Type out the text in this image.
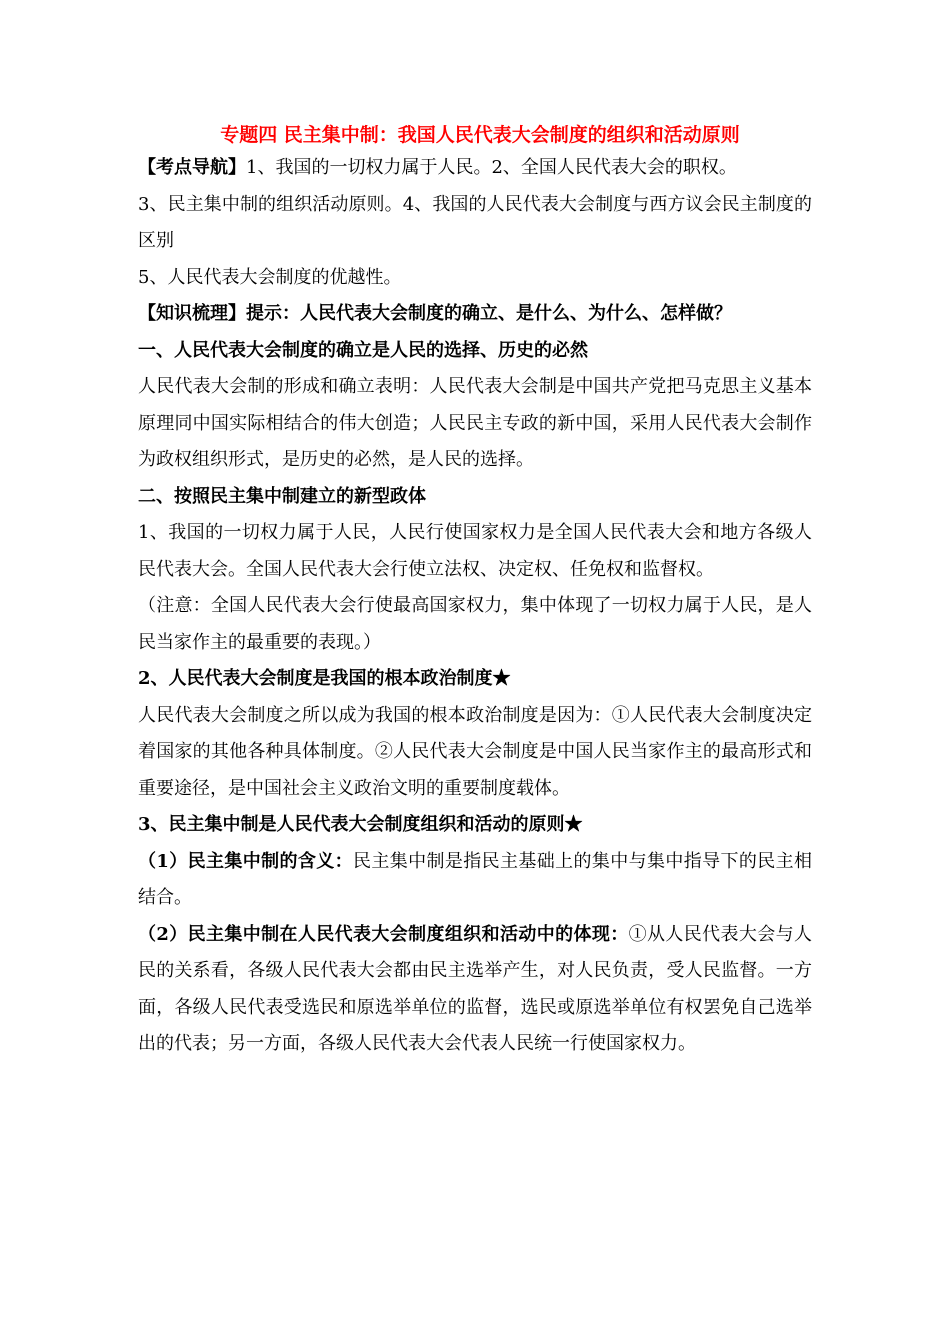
专题四 民主集中制：我国人民代表大会制度的组织和活动原则

【考点导航】1、我国的一切权力属于人民。2、全国人民代表大会的职权。

3、民主集中制的组织活动原则。4、我国的人民代表大会制度与西方议会民主制度的区别

5、人民代表大会制度的优越性。

【知识梳理】提示：人民代表大会制度的确立、是什么、为什么、怎样做？

一、人民代表大会制度的确立是人民的选择、历史的必然

人民代表大会制的形成和确立表明：人民代表大会制是中国共产党把马克思主义基本原理同中国实际相结合的伟大创造；人民民主专政的新中国，采用人民代表大会制作为政权组织形式，是历史的必然，是人民的选择。

二、按照民主集中制建立的新型政体

1、我国的一切权力属于人民，人民行使国家权力是全国人民代表大会和地方各级人民代表大会。全国人民代表大会行使立法权、决定权、任免权和监督权。

（注意：全国人民代表大会行使最高国家权力，集中体现了一切权力属于人民，是人民当家作主的最重要的表现。）

2、人民代表大会制度是我国的根本政治制度★

人民代表大会制度之所以成为我国的根本政治制度是因为：①人民代表大会制度决定着国家的其他各种具体制度。②人民代表大会制度是中国人民当家作主的最高形式和重要途径，是中国社会主义政治文明的重要制度载体。

3、民主集中制是人民代表大会制度组织和活动的原则★

（1）民主集中制的含义：民主集中制是指民主基础上的集中与集中指导下的民主相结合。

（2）民主集中制在人民代表大会制度组织和活动中的体现：①从人民代表大会与人民的关系看，各级人民代表大会都由民主选举产生，对人民负责，受人民监督。一方面，各级人民代表受选民和原选举单位的监督，选民或原选举单位有权罢免自己选举出的代表；另一方面，各级人民代表大会代表人民统一行使国家权力。
